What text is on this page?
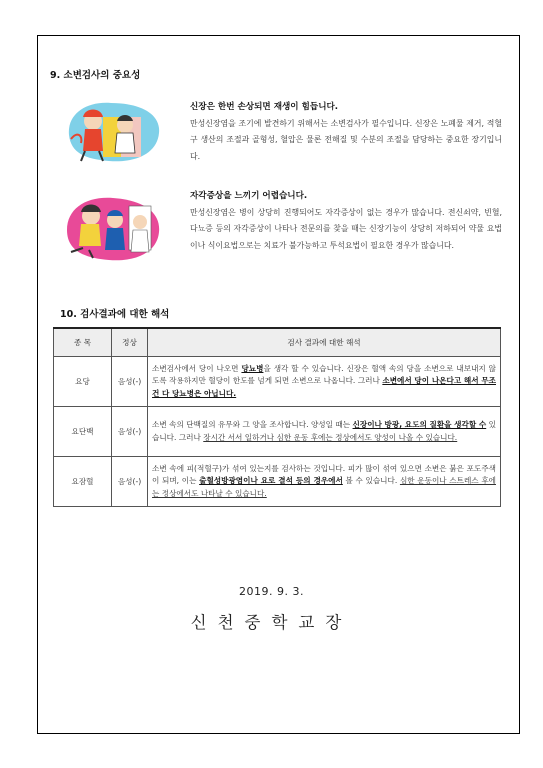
9. 소변검사의 중요성
신장은 한번 손상되면 재생이 힘듭니다.
만성신장염을 조기에 발견하기 위해서는 소변검사가 필수입니다. 신장은 노폐물 제거, 적혈구 생산의 조절과 골형성, 혈압은 물론 전해질 및 수분의 조절을 담당하는 중요한 장기입니다.
자각증상을 느끼기 어렵습니다.
만성신장염은 병이 상당히 진행되어도 자각증상이 없는 경우가 많습니다. 전신쇠약, 빈혈, 다뇨증 등의 자각증상이 나타나 전문의를 찾을 때는 신장기능이 상당히 저하되어 약물 요법이나 식이요법으로는 치료가 불가능하고 투석요법이 필요한 경우가 많습니다.
10. 검사결과에 대한 해석
종 목	정상	검사 결과에 대한 해석
요당	음성(-)	소변검사에서 당이 나오면 당뇨병을 생각 할 수 있습니다. 신장은 혈액 속의 당을 소변으로 내보내지 않도록 작용하지만 혈당이 한도를 넘게 되면 소변으로 나옵니다. 그러나 소변에서 당이 나온다고 해서 무조건 다 당뇨병은 아닙니다.
요단백	음성(-)	소변 속의 단백질의 유무와 그 양을 조사합니다. 양성일 때는 신장이나 방광, 요도의 질환을 생각할 수 있습니다. 그러나 장시간 서서 일하거나 심한 운동 후에는 정상에서도 양성이 나올 수 있습니다.
요잠혈	음성(-)	소변 속에 피(적혈구)가 섞여 있는지를 검사하는 것입니다. 피가 많이 섞여 있으면 소변은 붉은 포도주색이 되며, 이는 출혈성방광염이나 요로 결석 등의 경우에서 볼 수 있습니다. 심한 운동이나 스트레스 후에는 정상에서도 나타날 수 있습니다.
2019. 9. 3.
신천중학교장
